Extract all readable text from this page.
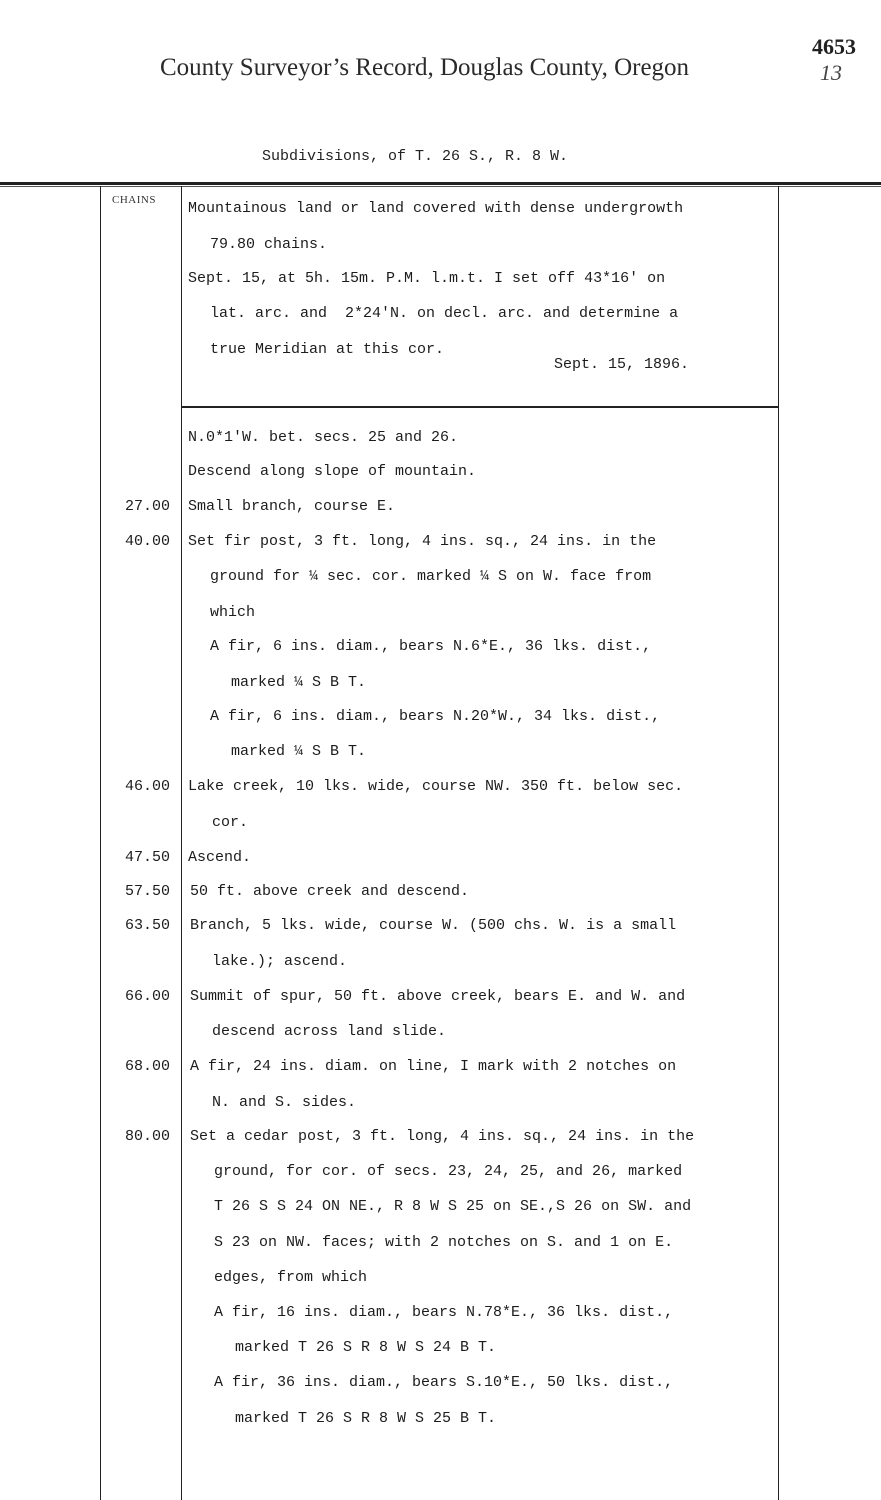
County Surveyor’s Record, Douglas County, Oregon
4653
13
Subdivisions, of T. 26 S., R. 8 W.
CHAINS Mountainous land or land covered with dense undergrowth
79.80 chains.
Sept. 15, at 5h. 15m. P.M. l.m.t. I set off 43*16' on
lat. arc. and  2*24'N. on decl. arc. and determine a
true Meridian at this cor.
Sept. 15, 1896.
N.0*1'W. bet. secs. 25 and 26.
Descend along slope of mountain.
27.00 Small branch, course E.
40.00 Set fir post, 3 ft. long, 4 ins. sq., 24 ins. in the
ground for ¼ sec. cor. marked ¼ S on W. face from
which
A fir, 6 ins. diam., bears N.6*E., 36 lks. dist.,
marked ¼ S B T.
A fir, 6 ins. diam., bears N.20*W., 34 lks. dist.,
marked ¼ S B T.
46.00 Lake creek, 10 lks. wide, course NW. 350 ft. below sec.
cor.
47.50 Ascend.
57.50 50 ft. above creek and descend.
63.50 Branch, 5 lks. wide, course W. (500 chs. W. is a small
lake.); ascend.
66.00 Summit of spur, 50 ft. above creek, bears E. and W. and
descend across land slide.
68.00 A fir, 24 ins. diam. on line, I mark with 2 notches on
N. and S. sides.
80.00 Set a cedar post, 3 ft. long, 4 ins. sq., 24 ins. in the
ground, for cor. of secs. 23, 24, 25, and 26, marked
T 26 S S 24 ON NE., R 8 W S 25 on SE.,S 26 on SW. and
S 23 on NW. faces; with 2 notches on S. and 1 on E.
edges, from which
A fir, 16 ins. diam., bears N.78*E., 36 lks. dist.,
marked T 26 S R 8 W S 24 B T.
A fir, 36 ins. diam., bears S.10*E., 50 lks. dist.,
marked T 26 S R 8 W S 25 B T.
